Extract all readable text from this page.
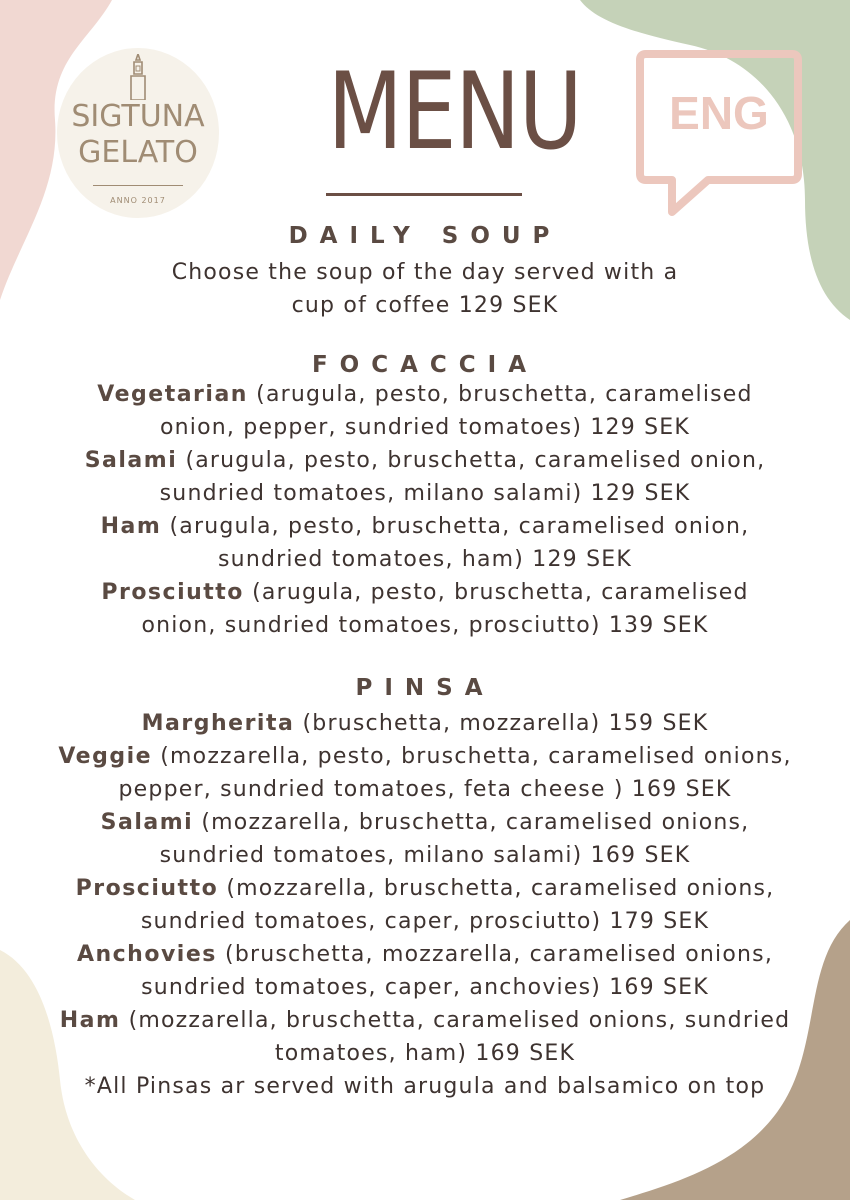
SIGTUNA
GELATO
ANNO 2017
MENU	ENG
DAILY SOUP
Choose the soup of the day served with a
cup of coffee 129 SEK
FOCACCIA
Vegetarian (arugula, pesto, bruschetta, caramelised
onion, pepper, sundried tomatoes) 129 SEK
Salami (arugula, pesto, bruschetta, caramelised onion,
sundried tomatoes, milano salami) 129 SEK
Ham (arugula, pesto, bruschetta, caramelised onion,
sundried tomatoes, ham) 129 SEK
Prosciutto (arugula, pesto, bruschetta, caramelised
onion, sundried tomatoes, prosciutto) 139 SEK
PINSA
Margherita (bruschetta, mozzarella) 159 SEK
Veggie (mozzarella, pesto, bruschetta, caramelised onions,
pepper, sundried tomatoes, feta cheese ) 169 SEK
Salami (mozzarella, bruschetta, caramelised onions,
sundried tomatoes, milano salami) 169 SEK
Prosciutto (mozzarella, bruschetta, caramelised onions,
sundried tomatoes, caper, prosciutto) 179 SEK
Anchovies (bruschetta, mozzarella, caramelised onions,
sundried tomatoes, caper, anchovies) 169 SEK
Ham (mozzarella, bruschetta, caramelised onions, sundried
tomatoes, ham) 169 SEK
*All Pinsas ar served with arugula and balsamico on top
